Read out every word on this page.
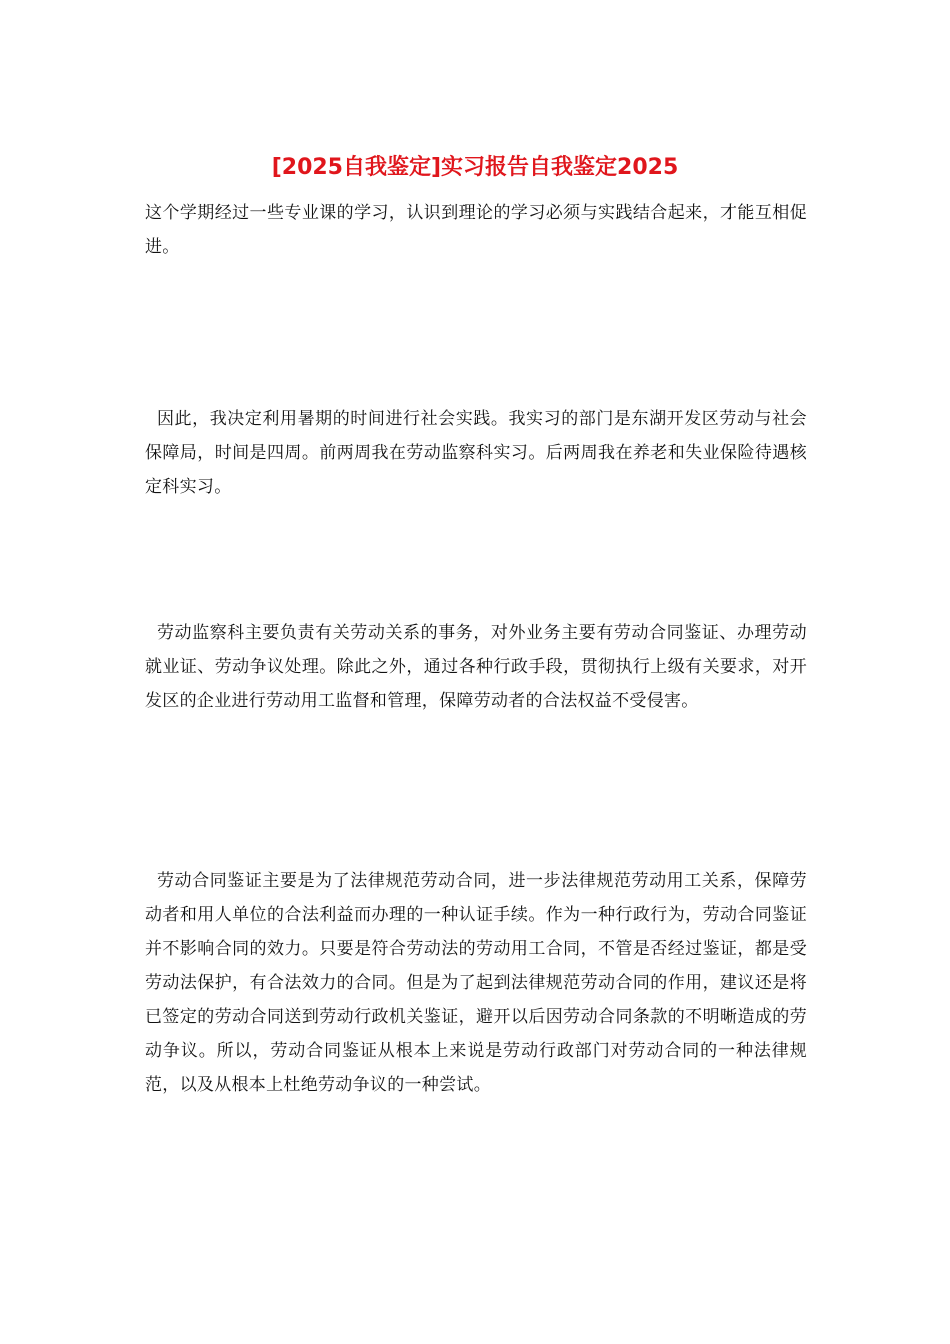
[2025自我鉴定]实习报告自我鉴定2025

这个学期经过一些专业课的学习，认识到理论的学习必须与实践结合起来，才能互相促进。

因此，我决定利用暑期的时间进行社会实践。我实习的部门是东湖开发区劳动与社会保障局，时间是四周。前两周我在劳动监察科实习。后两周我在养老和失业保险待遇核定科实习。

劳动监察科主要负责有关劳动关系的事务，对外业务主要有劳动合同鉴证、办理劳动就业证、劳动争议处理。除此之外，通过各种行政手段，贯彻执行上级有关要求，对开发区的企业进行劳动用工监督和管理，保障劳动者的合法权益不受侵害。

劳动合同鉴证主要是为了法律规范劳动合同，进一步法律规范劳动用工关系，保障劳动者和用人单位的合法利益而办理的一种认证手续。作为一种行政行为，劳动合同鉴证并不影响合同的效力。只要是符合劳动法的劳动用工合同，不管是否经过鉴证，都是受劳动法保护，有合法效力的合同。但是为了起到法律规范劳动合同的作用，建议还是将已签定的劳动合同送到劳动行政机关鉴证，避开以后因劳动合同条款的不明晰造成的劳动争议。所以，劳动合同鉴证从根本上来说是劳动行政部门对劳动合同的一种法律规范，以及从根本上杜绝劳动争议的一种尝试。
